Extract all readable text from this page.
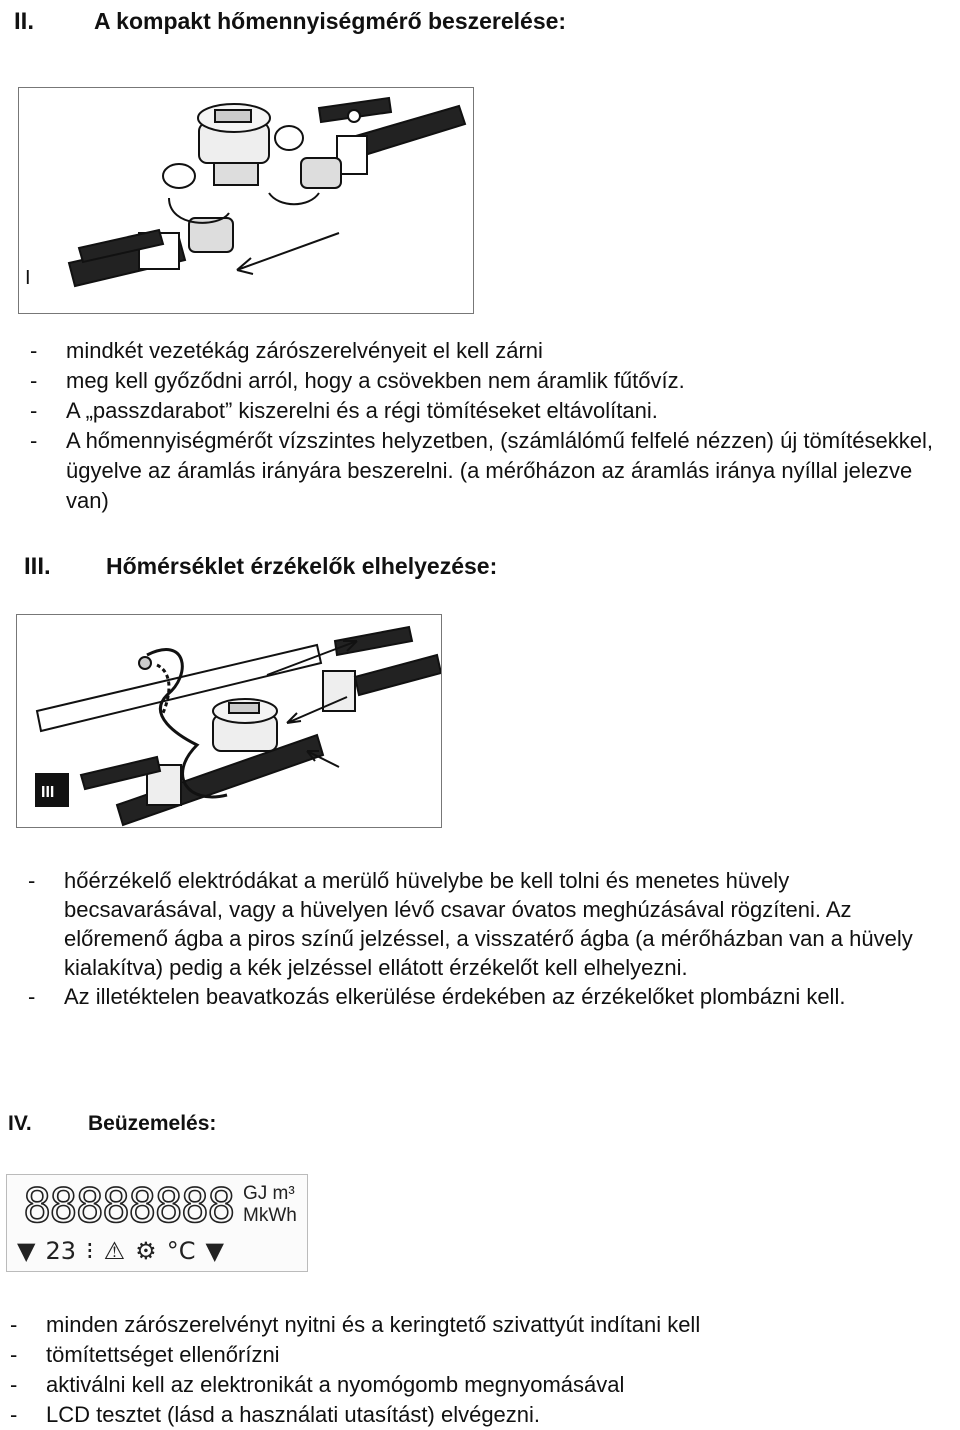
II.	A kompakt hőmennyiségmérő beszerelése:
I
- mindkét vezetékág zárószerelvényeit el kell zárni
- meg kell győződni arról, hogy a csövekben nem áramlik fűtővíz.
- A „passzdarabot” kiszerelni és a régi tömítéseket eltávolítani.
- A hőmennyiségmérőt vízszintes helyzetben, (számlálómű felfelé nézzen) új tömítésekkel, ügyelve az áramlás irányára beszerelni. (a mérőházon az áramlás iránya nyíllal jelezve van)
III.	Hőmérséklet érzékelők elhelyezése:
III
- hőérzékelő elektródákat a merülő hüvelybe be kell tolni és menetes hüvely becsavarásával, vagy a hüvelyen lévő csavar óvatos meghúzásával rögzíteni. Az előremenő ágba a piros színű jelzéssel, a visszatérő ágba (a mérőházban van a hüvely kialakítva) pedig a kék jelzéssel ellátott érzékelőt kell elhelyezni.
- Az illetéktelen beavatkozás elkerülése érdekében az érzékelőket plombázni kell.
IV.	Beüzemelés:
88888888 GJ m³
MkWh
▼ 23 ⁝ ⚠ ⚙ °C ▼
- minden zárószerelvényt nyitni és a keringtető szivattyút indítani kell
- tömítettséget ellenőrízni
- aktiválni kell az elektronikát a nyomógomb megnyomásával
- LCD tesztet (lásd a használati utasítást) elvégezni.
